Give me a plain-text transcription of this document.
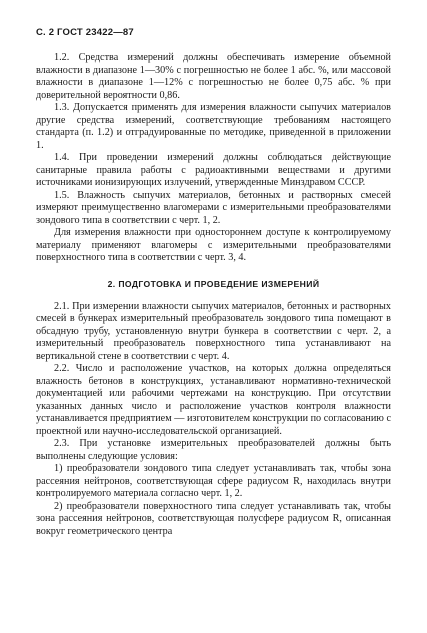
С. 2 ГОСТ 23422—87

1.2. Средства измерений должны обеспечивать измерение объемной влажности в диапазоне 1—30% с погрешностью не более 1 абс. %, или массовой влажности в диапазоне 1—12% с погрешностью не более 0,75 абс. % при доверительной вероятности 0,86.

1.3. Допускается применять для измерения влажности сыпучих материалов другие средства измерений, соответствующие требованиям настоящего стандарта (п. 1.2) и отградуированные по методике, приведенной в приложении 1.

1.4. При проведении измерений должны соблюдаться действующие санитарные правила работы с радиоактивными веществами и другими источниками ионизирующих излучений, утвержденные Минздравом СССР.

1.5. Влажность сыпучих материалов, бетонных и растворных смесей измеряют преимущественно влагомерами с измерительными преобразователями зондового типа в соответствии с черт. 1, 2.

Для измерения влажности при одностороннем доступе к контролируемому материалу применяют влагомеры с измерительными преобразователями поверхностного типа в соответствии с черт. 3, 4.

2. ПОДГОТОВКА И ПРОВЕДЕНИЕ ИЗМЕРЕНИЙ

2.1. При измерении влажности сыпучих материалов, бетонных и растворных смесей в бункерах измерительный преобразователь зондового типа помещают в обсадную трубу, установленную внутри бункера в соответствии с черт. 2, а измерительный преобразователь поверхностного типа устанавливают на вертикальной стене в соответствии с черт. 4.

2.2. Число и расположение участков, на которых должна определяться влажность бетонов в конструкциях, устанавливают нормативно-технической документацией или рабочими чертежами на конструкцию. При отсутствии указанных данных число и расположение участков контроля влажности устанавливается предприятием — изготовителем конструкции по согласованию с проектной или научно-исследовательской организацией.

2.3. При установке измерительных преобразователей должны быть выполнены следующие условия:

1) преобразователи зондового типа следует устанавливать так, чтобы зона рассеяния нейтронов, соответствующая сфере радиусом R, находилась внутри контролируемого материала согласно черт. 1, 2.

2) преобразователи поверхностного типа следует устанавливать так, чтобы зона рассеяния нейтронов, соответствующая полусфере радиусом R, описанная вокруг геометрического центра
